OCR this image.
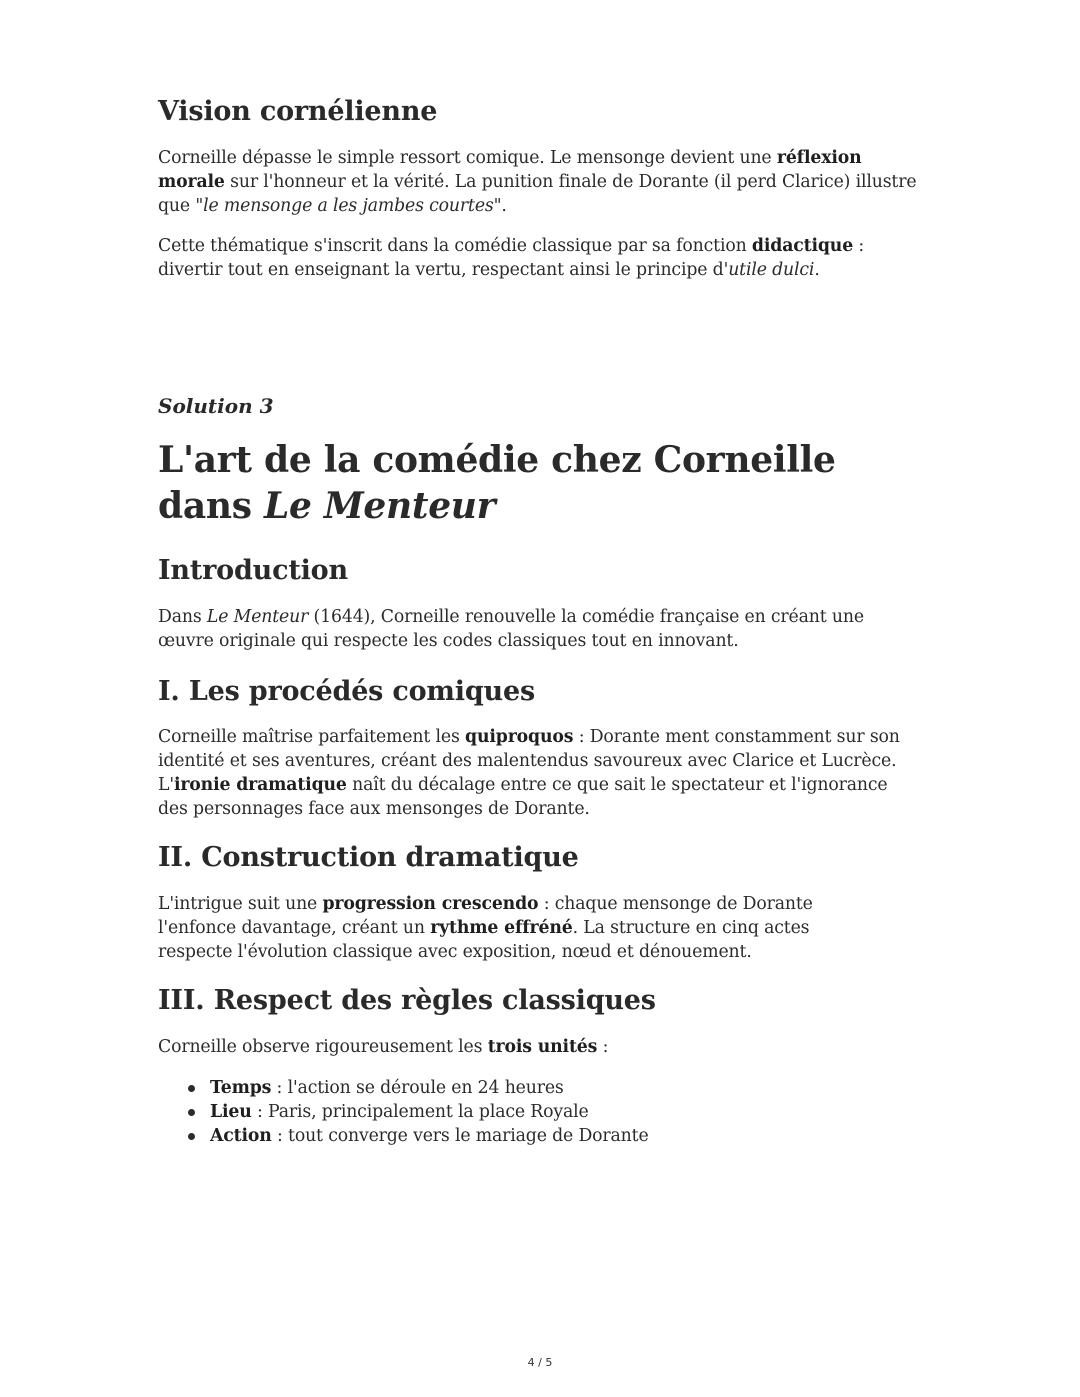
Vision cornélienne

Corneille dépasse le simple ressort comique. Le mensonge devient une réflexion morale sur l'honneur et la vérité. La punition finale de Dorante (il perd Clarice) illustre que "le mensonge a les jambes courtes".

Cette thématique s'inscrit dans la comédie classique par sa fonction didactique : divertir tout en enseignant la vertu, respectant ainsi le principe d'utile dulci.

Solution 3
L'art de la comédie chez Corneille dans Le Menteur
Introduction

Dans Le Menteur (1644), Corneille renouvelle la comédie française en créant une œuvre originale qui respecte les codes classiques tout en innovant.

I. Les procédés comiques

Corneille maîtrise parfaitement les quiproquos : Dorante ment constamment sur son identité et ses aventures, créant des malentendus savoureux avec Clarice et Lucrèce. L'ironie dramatique naît du décalage entre ce que sait le spectateur et l'ignorance des personnages face aux mensonges de Dorante.

II. Construction dramatique

L'intrigue suit une progression crescendo : chaque mensonge de Dorante l'enfonce davantage, créant un rythme effréné. La structure en cinq actes respecte l'évolution classique avec exposition, nœud et dénouement.

III. Respect des règles classiques

Corneille observe rigoureusement les trois unités :

Temps : l'action se déroule en 24 heures
Lieu : Paris, principalement la place Royale
Action : tout converge vers le mariage de Dorante
4 / 5
